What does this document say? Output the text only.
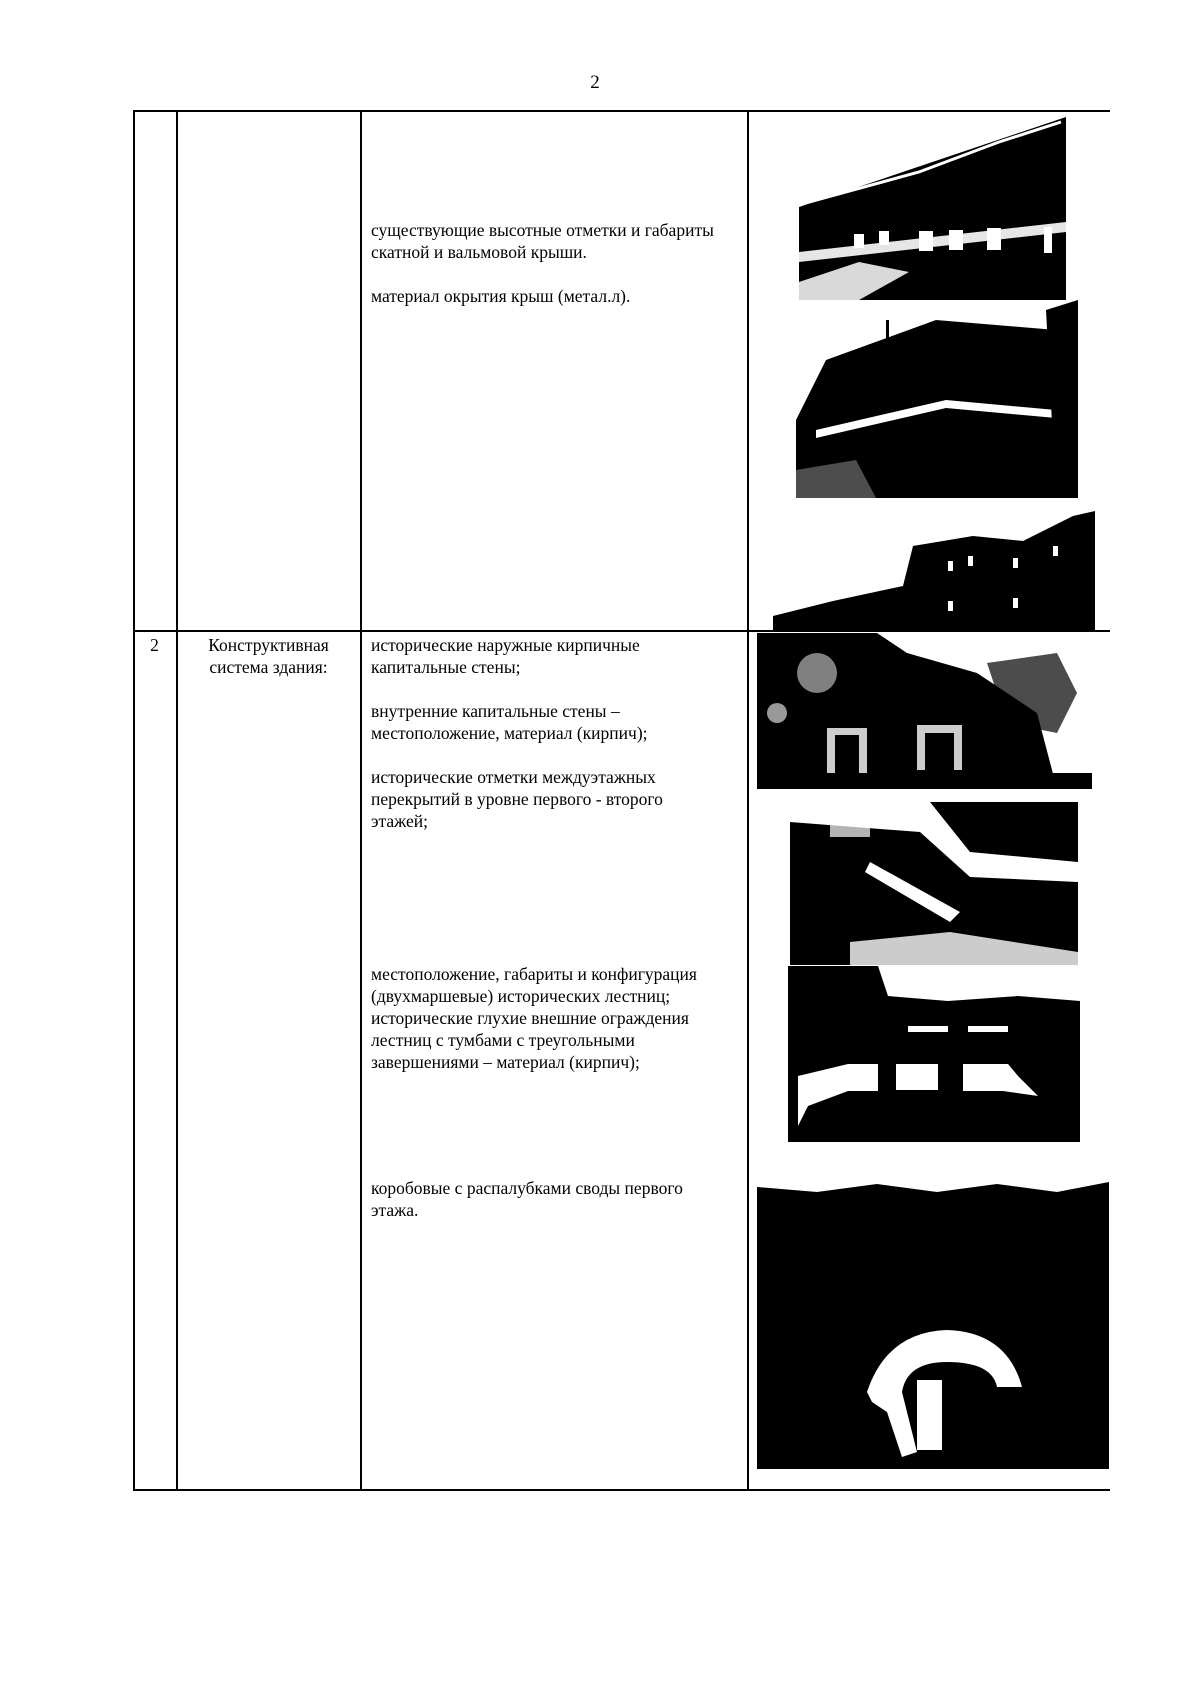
2

существующие высотные отметки и габариты скатной и вальмовой крыши.

материал окрытия крыш (метал.л).

2	Конструктивная система здания:

исторические наружные кирпичные капитальные стены;

внутренние капитальные стены – местоположение, материал (кирпич);

исторические отметки междуэтажных перекрытий в уровне первого - второго этажей;

местоположение, габариты и конфигурация (двухмаршевые) исторических лестниц; исторические глухие внешние ограждения лестниц с тумбами с треугольными завершениями – материал (кирпич);

коробовые с распалубками своды первого этажа.
